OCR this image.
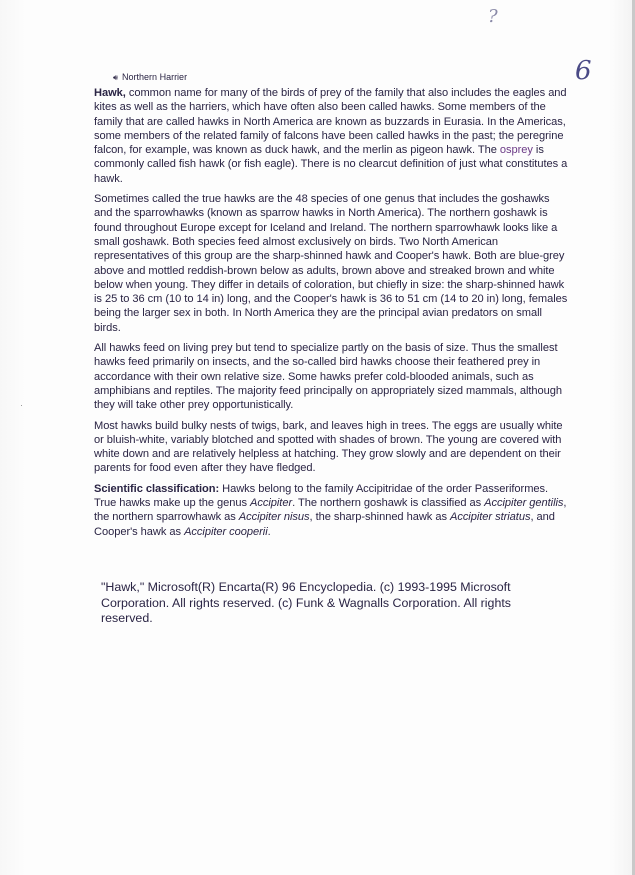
?
6
·
🔊︎ Northern Harrier

Hawk, common name for many of the birds of prey of the family that also includes the eagles and kites as well as the harriers, which have often also been called hawks. Some members of the family that are called hawks in North America are known as buzzards in Eurasia. In the Americas, some members of the related family of falcons have been called hawks in the past; the peregrine falcon, for example, was known as duck hawk, and the merlin as pigeon hawk. The osprey is commonly called fish hawk (or fish eagle). There is no clearcut definition of just what constitutes a hawk.

Sometimes called the true hawks are the 48 species of one genus that includes the goshawks and the sparrowhawks (known as sparrow hawks in North America). The northern goshawk is found throughout Europe except for Iceland and Ireland. The northern sparrowhawk looks like a small goshawk. Both species feed almost exclusively on birds. Two North American representatives of this group are the sharp-shinned hawk and Cooper's hawk. Both are blue-grey above and mottled reddish-brown below as adults, brown above and streaked brown and white below when young. They differ in details of coloration, but chiefly in size: the sharp-shinned hawk is 25 to 36 cm (10 to 14 in) long, and the Cooper's hawk is 36 to 51 cm (14 to 20 in) long, females being the larger sex in both. In North America they are the principal avian predators on small birds.

All hawks feed on living prey but tend to specialize partly on the basis of size. Thus the smallest hawks feed primarily on insects, and the so-called bird hawks choose their feathered prey in accordance with their own relative size. Some hawks prefer cold-blooded animals, such as amphibians and reptiles. The majority feed principally on appropriately sized mammals, although they will take other prey opportunistically.

Most hawks build bulky nests of twigs, bark, and leaves high in trees. The eggs are usually white or bluish-white, variably blotched and spotted with shades of brown. The young are covered with white down and are relatively helpless at hatching. They grow slowly and are dependent on their parents for food even after they have fledged.

Scientific classification: Hawks belong to the family Accipitridae of the order Passeriformes. True hawks make up the genus Accipiter. The northern goshawk is classified as Accipiter gentilis, the northern sparrowhawk as Accipiter nisus, the sharp-shinned hawk as Accipiter striatus, and Cooper's hawk as Accipiter cooperii.

"Hawk," Microsoft(R) Encarta(R) 96 Encyclopedia. (c) 1993-1995 Microsoft Corporation. All rights reserved. (c) Funk & Wagnalls Corporation. All rights reserved.
